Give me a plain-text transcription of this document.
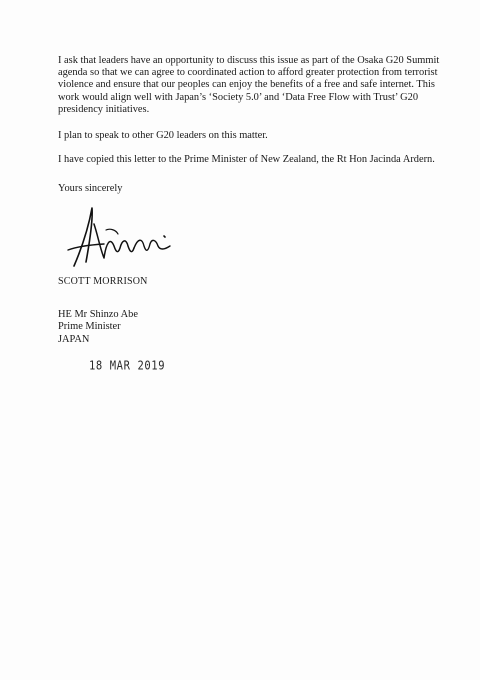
I ask that leaders have an opportunity to discuss this issue as part of the Osaka G20 Summit agenda so that we can agree to coordinated action to afford greater protection from terrorist violence and ensure that our peoples can enjoy the benefits of a free and safe internet. This work would align well with Japan’s ‘Society 5.0’ and ‘Data Free Flow with Trust’ G20 presidency initiatives.

I plan to speak to other G20 leaders on this matter.

I have copied this letter to the Prime Minister of New Zealand, the Rt Hon Jacinda Ardern.

Yours sincerely

SCOTT MORRISON

HE Mr Shinzo Abe
Prime Minister
JAPAN
18 MAR 2019
